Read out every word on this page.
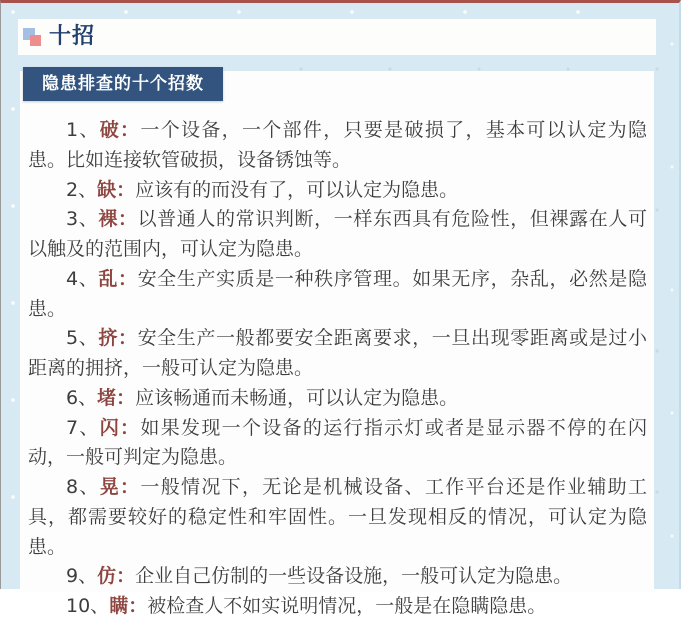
十招
隐患排查的十个招数

1、破：一个设备，一个部件，只要是破损了，基本可以认定为隐患。比如连接软管破损，设备锈蚀等。

2、缺：应该有的而没有了，可以认定为隐患。

3、裸：以普通人的常识判断，一样东西具有危险性，但裸露在人可以触及的范围内，可认定为隐患。

4、乱：安全生产实质是一种秩序管理。如果无序，杂乱，必然是隐患。

5、挤：安全生产一般都要安全距离要求，一旦出现零距离或是过小距离的拥挤，一般可认定为隐患。

6、堵：应该畅通而未畅通，可以认定为隐患。

7、闪：如果发现一个设备的运行指示灯或者是显示器不停的在闪动，一般可判定为隐患。

8、晃：一般情况下，无论是机械设备、工作平台还是作业辅助工具，都需要较好的稳定性和牢固性。一旦发现相反的情况，可认定为隐患。

9、仿：企业自己仿制的一些设备设施，一般可认定为隐患。

10、瞒：被检查人不如实说明情况，一般是在隐瞒隐患。
